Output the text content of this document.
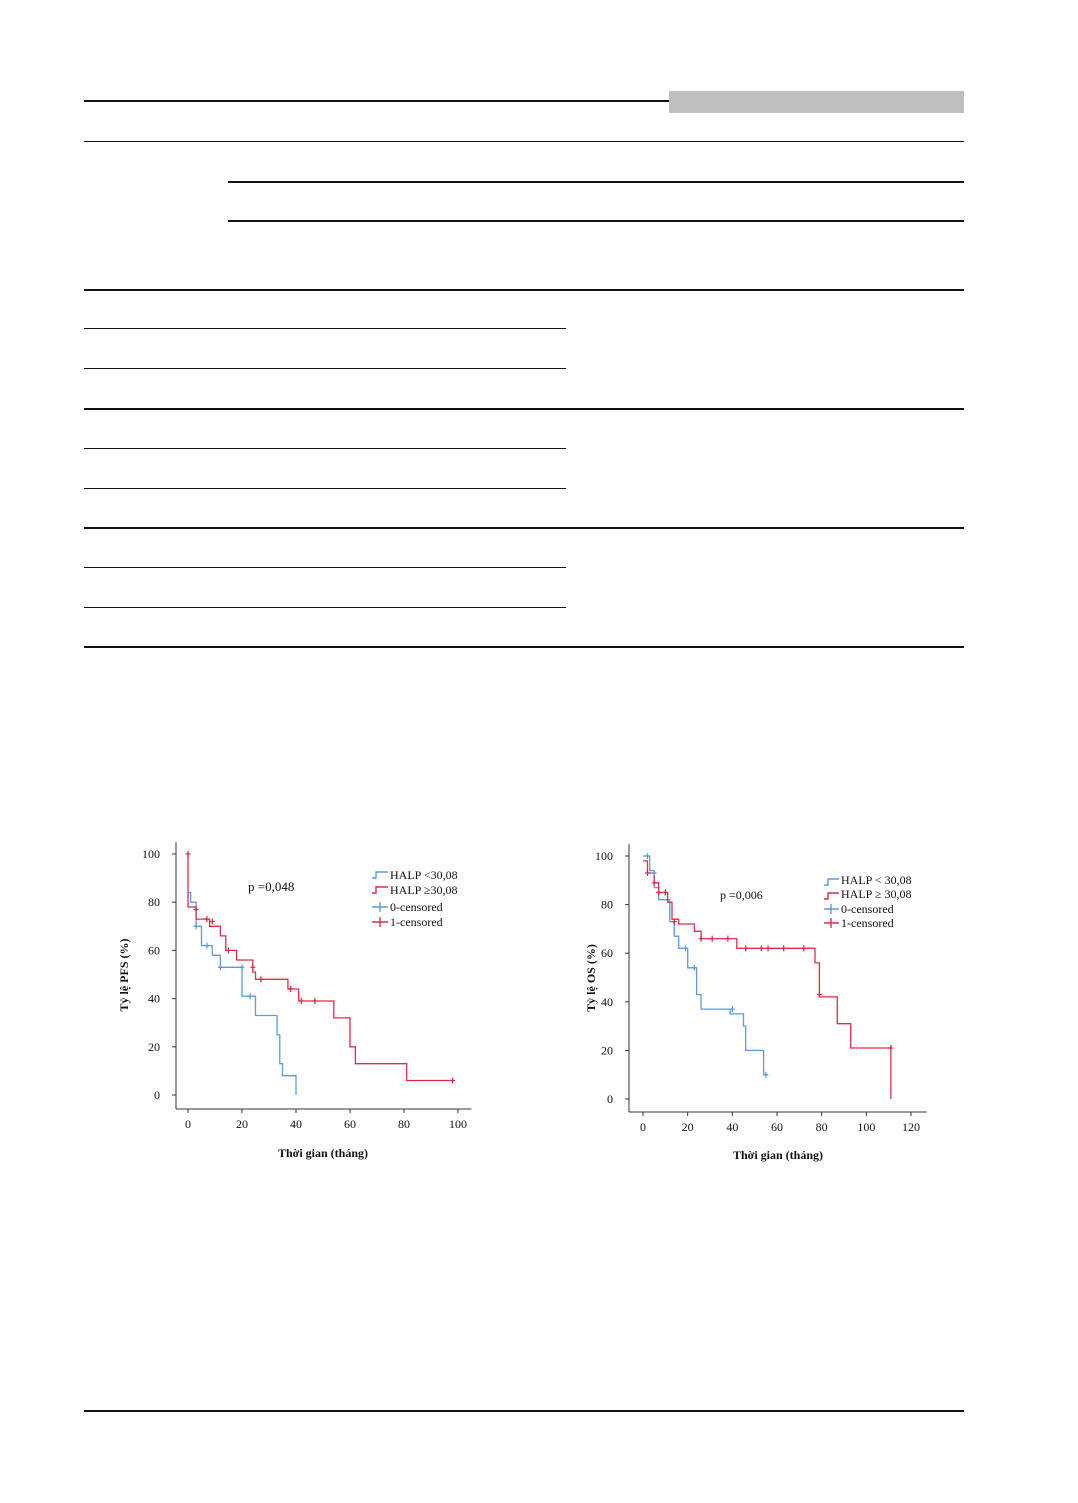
0	20	40	60	80	100
0
20
40
60
80
100
p =0,048
HALP <30,08
HALP ≥30,08
0-censored
1-censored
Tỷ lệ PFS (%)
Thời gian (tháng)
0	20	40	60	80 100 120
0
20
40
60
80
100
p =0,006
HALP < 30,08
HALP ≥ 30,08
0-censored
1-censored
Tỷ lệ OS (%)
Thời gian (tháng)
